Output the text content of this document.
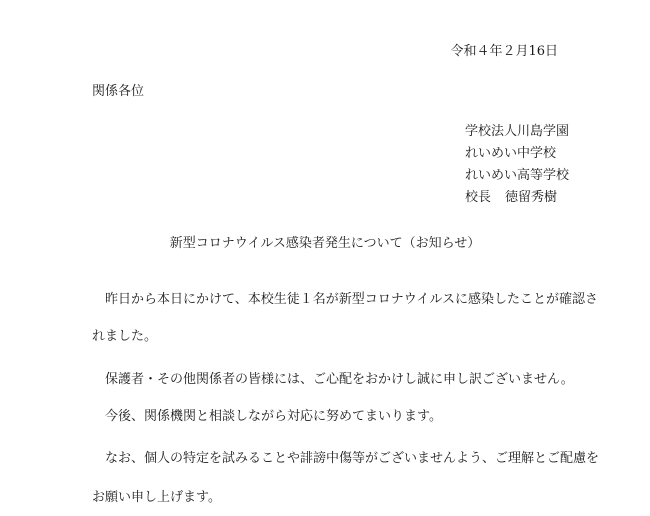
令和４年２月16日
関係各位
学校法人川島学園
れいめい中学校
れいめい高等学校
校長 徳留秀樹
新型コロナウイルス感染者発生について（お知らせ）
　昨日から本日にかけて、本校生徒１名が新型コロナウイルスに感染したことが確認さ
れました。
　保護者・その他関係者の皆様には、ご心配をおかけし誠に申し訳ございません。
　今後、関係機関と相談しながら対応に努めてまいります。
　なお、個人の特定を試みることや誹謗中傷等がございませんよう、ご理解とご配慮を
お願い申し上げます。
